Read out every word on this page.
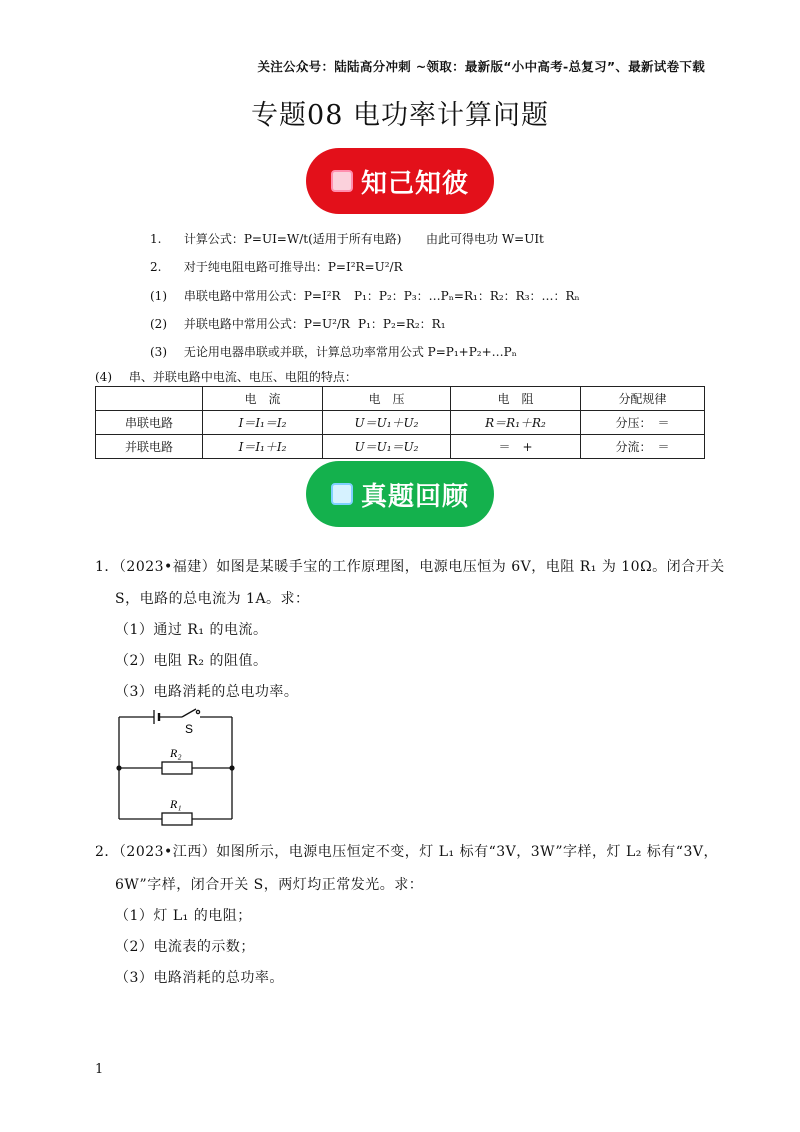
关注公众号：陆陆高分冲刺 ~领取：最新版“小中高考-总复习”、最新试卷下载
专题08 电功率计算问题
知己知彼
1. 计算公式：P=UI=W/t(适用于所有电路) 由此可得电功 W=UIt
2. 对于纯电阻电路可推导出：P=I²R=U²/R
(1) 串联电路中常用公式：P=I²R P₁：P₂：P₃：…Pₙ=R₁：R₂：R₃：…：Rₙ
(2) 并联电路中常用公式：P=U²/R P₁：P₂=R₂：R₁
(3) 无论用电器串联或并联，计算总功率常用公式 P=P₁+P₂+…Pₙ
(4) 串、并联电路中电流、电压、电阻的特点：
	电　流	电　压	电　阻	分配规律
串联电路	I＝I₁＝I₂	U＝U₁＋U₂	R＝R₁＋R₂	分压：　＝
并联电路	I＝I₁＋I₂	U＝U₁＝U₂	＝　+	分流：　＝
真题回顾
1．（2023•福建）如图是某暖手宝的工作原理图，电源电压恒为 6V，电阻 R₁ 为 10Ω。闭合开关
S，电路的总电流为 1A。求：
（1）通过 R₁ 的电流。
（2）电阻 R₂ 的阻值。
（3）电路消耗的总电功率。
S
R₂
R₁
2．（2023•江西）如图所示，电源电压恒定不变，灯 L₁ 标有“3V，3W”字样，灯 L₂ 标有“3V，
6W”字样，闭合开关 S，两灯均正常发光。求：
（1）灯 L₁ 的电阻；
（2）电流表的示数；
（3）电路消耗的总功率。
1
